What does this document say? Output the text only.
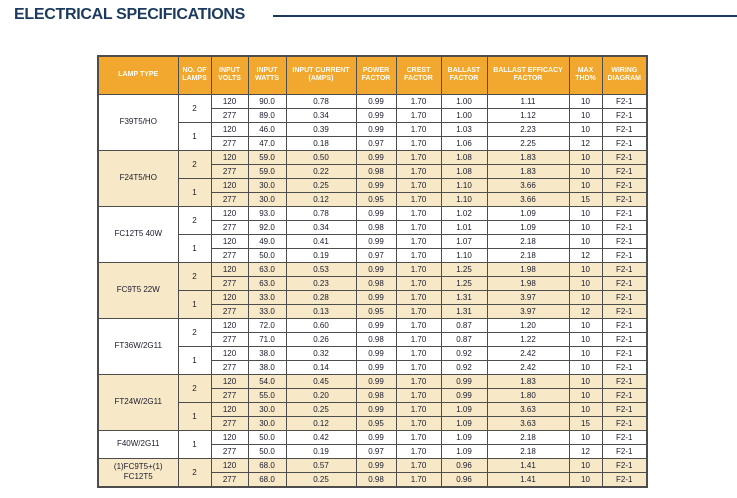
ELECTRICAL SPECIFICATIONS
LAMP TYPE	NO. OF LAMPS	INPUT VOLTS	INPUT WATTS	INPUT CURRENT (AMPS)	POWER FACTOR	CREST FACTOR	BALLAST FACTOR	BALLAST EFFICACY FACTOR	MAX THD%	WIRING DIAGRAM
F39T5/HO	2	120	90.0	0.78	0.99	1.70	1.00	1.11	10	F2-1
		277	89.0	0.34	0.99	1.70	1.00	1.12	10	F2-1
	1	120	46.0	0.39	0.99	1.70	1.03	2.23	10	F2-1
		277	47.0	0.18	0.97	1.70	1.06	2.25	12	F2-1
F24T5/HO	2	120	59.0	0.50	0.99	1.70	1.08	1.83	10	F2-1
		277	59.0	0.22	0.98	1.70	1.08	1.83	10	F2-1
	1	120	30.0	0.25	0.99	1.70	1.10	3.66	10	F2-1
		277	30.0	0.12	0.95	1.70	1.10	3.66	15	F2-1
FC12T5 40W	2	120	93.0	0.78	0.99	1.70	1.02	1.09	10	F2-1
		277	92.0	0.34	0.98	1.70	1.01	1.09	10	F2-1
	1	120	49.0	0.41	0.99	1.70	1.07	2.18	10	F2-1
		277	50.0	0.19	0.97	1.70	1.10	2.18	12	F2-1
FC9T5 22W	2	120	63.0	0.53	0.99	1.70	1.25	1.98	10	F2-1
		277	63.0	0.23	0.98	1.70	1.25	1.98	10	F2-1
	1	120	33.0	0.28	0.99	1.70	1.31	3.97	10	F2-1
		277	33.0	0.13	0.95	1.70	1.31	3.97	12	F2-1
FT36W/2G11	2	120	72.0	0.60	0.99	1.70	0.87	1.20	10	F2-1
		277	71.0	0.26	0.98	1.70	0.87	1.22	10	F2-1
	1	120	38.0	0.32	0.99	1.70	0.92	2.42	10	F2-1
		277	38.0	0.14	0.99	1.70	0.92	2.42	10	F2-1
FT24W/2G11	2	120	54.0	0.45	0.99	1.70	0.99	1.83	10	F2-1
		277	55.0	0.20	0.98	1.70	0.99	1.80	10	F2-1
	1	120	30.0	0.25	0.99	1.70	1.09	3.63	10	F2-1
		277	30.0	0.12	0.95	1.70	1.09	3.63	15	F2-1
F40W/2G11	1	120	50.0	0.42	0.99	1.70	1.09	2.18	10	F2-1
		277	50.0	0.19	0.97	1.70	1.09	2.18	12	F2-1
(1)FC9T5+(1) FC12T5	2	120	68.0	0.57	0.99	1.70	0.96	1.41	10	F2-1
		277	68.0	0.25	0.98	1.70	0.96	1.41	10	F2-1
